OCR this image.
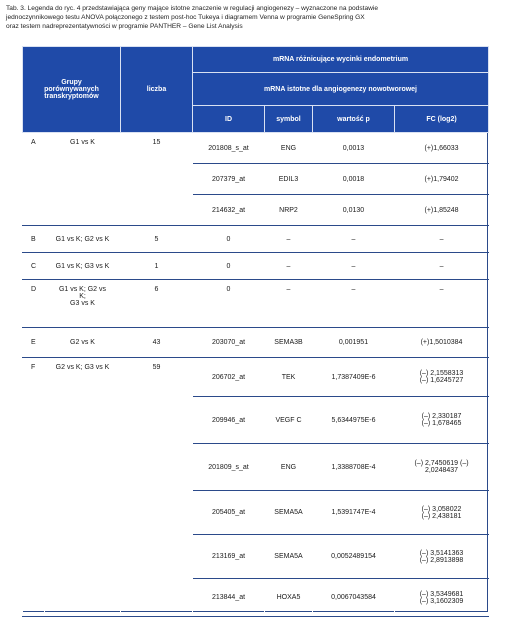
Tab. 3. Legenda do ryc. 4 przedstawiająca geny mające istotne znaczenie w regulacji angiogenezy – wyznaczone na podstawie
jednoczynnikowego testu ANOVA połączonego z testem post-hoc Tukeya i diagramem Venna w programie GeneSpring GX
oraz testem nadreprezentatywności w programie PANTHER – Gene List Analysis
Grupy
porównywanych
transkryptomów		liczba	mRNA różnicujące wycinki endometrium			
			mRNA istotne dla angiogenezy nowotworowej			
			ID	symbol	wartość p	FC (log2)
A	G1 vs K	15	201808_s_at	ENG	0,0013	(+)1,66033
			207379_at	EDIL3	0,0018	(+)1,79402
			214632_at	NRP2	0,0130	(+)1,85248
B	G1 vs K; G2 vs K	5	0	–	–	–
C	G1 vs K; G3 vs K	1	0	–	–	–
D	G1 vs K; G2 vs
K;
G3 vs K	6	0	–	–	–
E	G2 vs K	43	203070_at	SEMA3B	0,001951	(+)1,5010384
F	G2 vs K; G3 vs K	59	206702_at	TEK	1,7387409E-6	(–) 2,1558313
(–) 1,6245727

			209946_at	VEGF C	5,6344975E-6	(–) 2,330187
(–) 1,678465

			201809_s_at	ENG	1,3388708E-4	(–) 2,7450619 (–)
2,0248437

			205405_at	SEMA5A	1,5391747E-4	(–) 3,058022
(–) 2,438181

			213169_at	SEMA5A	0,0052489154	(–) 3,5141363
(–) 2,8913898

			213844_at	HOXA5	0,0067043584	(–) 3,5349681
(–) 3,1602309
